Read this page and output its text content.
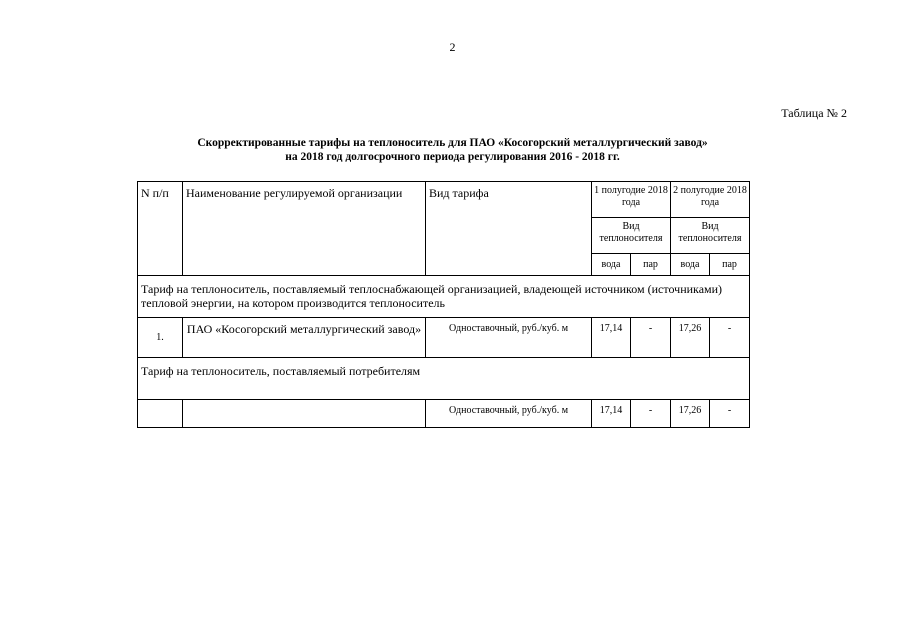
2
Таблица № 2
Скорректированные тарифы на теплоноситель для ПАО «Косогорский металлургический завод»
на 2018 год долгосрочного периода регулирования 2016 - 2018 гг.
N п/п	Наименование регулируемой организации	Вид тарифа	1 полугодие 2018 года		2 полугодие 2018 года	
			Вид теплоносителя		Вид теплоносителя	
			вода	пар	вода	пар
Тариф на теплоноситель, поставляемый теплоснабжающей организацией, владеющей источником (источниками) тепловой энергии, на котором производится теплоноситель						
1.	ПАО «Косогорский металлургический завод»	Одноставочный, руб./куб. м	17,14	-	17,26	-
Тариф на теплоноситель, поставляемый потребителям						
		Одноставочный, руб./куб. м	17,14	-	17,26	-
